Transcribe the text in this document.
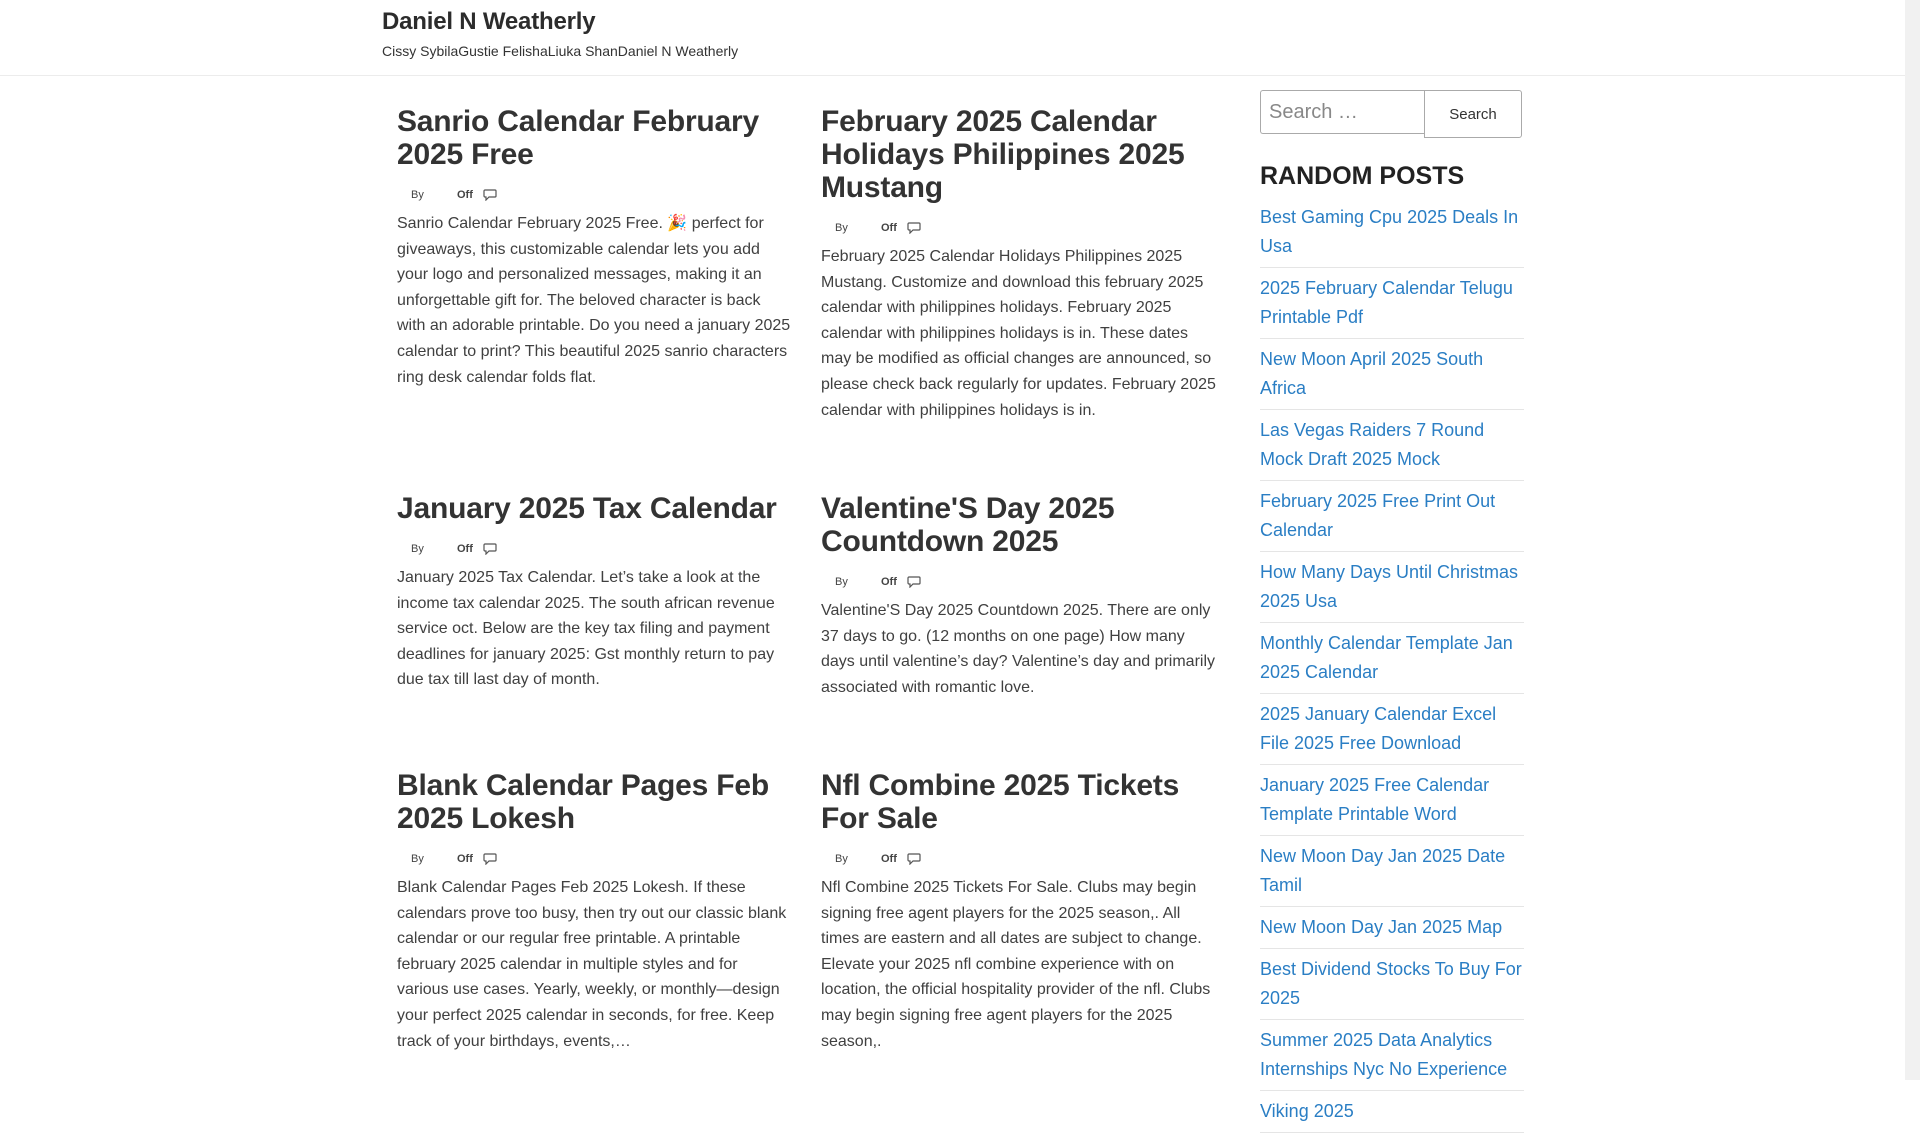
Daniel N Weatherly
Cissy SybilaGustie FelishaLiuka ShanDaniel N Weatherly
Sanrio Calendar February 2025 Free
By	Off

Sanrio Calendar February 2025 Free. 🎉 perfect for giveaways, this customizable calendar lets you add your logo and personalized messages, making it an unforgettable gift for. The beloved character is back with an adorable printable. Do you need a january 2025 calendar to print? This beautiful 2025 sanrio characters ring desk calendar folds flat.

February 2025 Calendar Holidays Philippines 2025 Mustang
By	Off

February 2025 Calendar Holidays Philippines 2025 Mustang. Customize and download this february 2025 calendar with philippines holidays. February 2025 calendar with philippines holidays is in. These dates may be modified as official changes are announced, so please check back regularly for updates. February 2025 calendar with philippines holidays is in.

January 2025 Tax Calendar
By	Off

January 2025 Tax Calendar. Let’s take a look at the income tax calendar 2025. The south african revenue service oct. Below are the key tax filing and payment deadlines for january 2025: Gst monthly return to pay due tax till last day of month.

Valentine'S Day 2025 Countdown 2025
By	Off

Valentine'S Day 2025 Countdown 2025. There are only 37 days to go. (12 months on one page) How many days until valentine’s day? Valentine’s day and primarily associated with romantic love.

Blank Calendar Pages Feb 2025 Lokesh
By	Off

Blank Calendar Pages Feb 2025 Lokesh. If these calendars prove too busy, then try out our classic blank calendar or our regular free printable. A printable february 2025 calendar in multiple styles and for various use cases. Yearly, weekly, or monthly—design your perfect 2025 calendar in seconds, for free. Keep track of your birthdays, events,…

Nfl Combine 2025 Tickets For Sale
By	Off

Nfl Combine 2025 Tickets For Sale. Clubs may begin signing free agent players for the 2025 season,. All times are eastern and all dates are subject to change. Elevate your 2025 nfl combine experience with on location, the official hospitality provider of the nfl. Clubs may begin signing free agent players for the 2025 season,.

Search …
Search
RANDOM POSTS
Best Gaming Cpu 2025 Deals In Usa
2025 February Calendar Telugu Printable Pdf
New Moon April 2025 South Africa
Las Vegas Raiders 7 Round Mock Draft 2025 Mock
February 2025 Free Print Out Calendar
How Many Days Until Christmas 2025 Usa
Monthly Calendar Template Jan 2025 Calendar
2025 January Calendar Excel File 2025 Free Download
January 2025 Free Calendar Template Printable Word
New Moon Day Jan 2025 Date Tamil
New Moon Day Jan 2025 Map
Best Dividend Stocks To Buy For 2025
Summer 2025 Data Analytics Internships Nyc No Experience
Viking 2025
